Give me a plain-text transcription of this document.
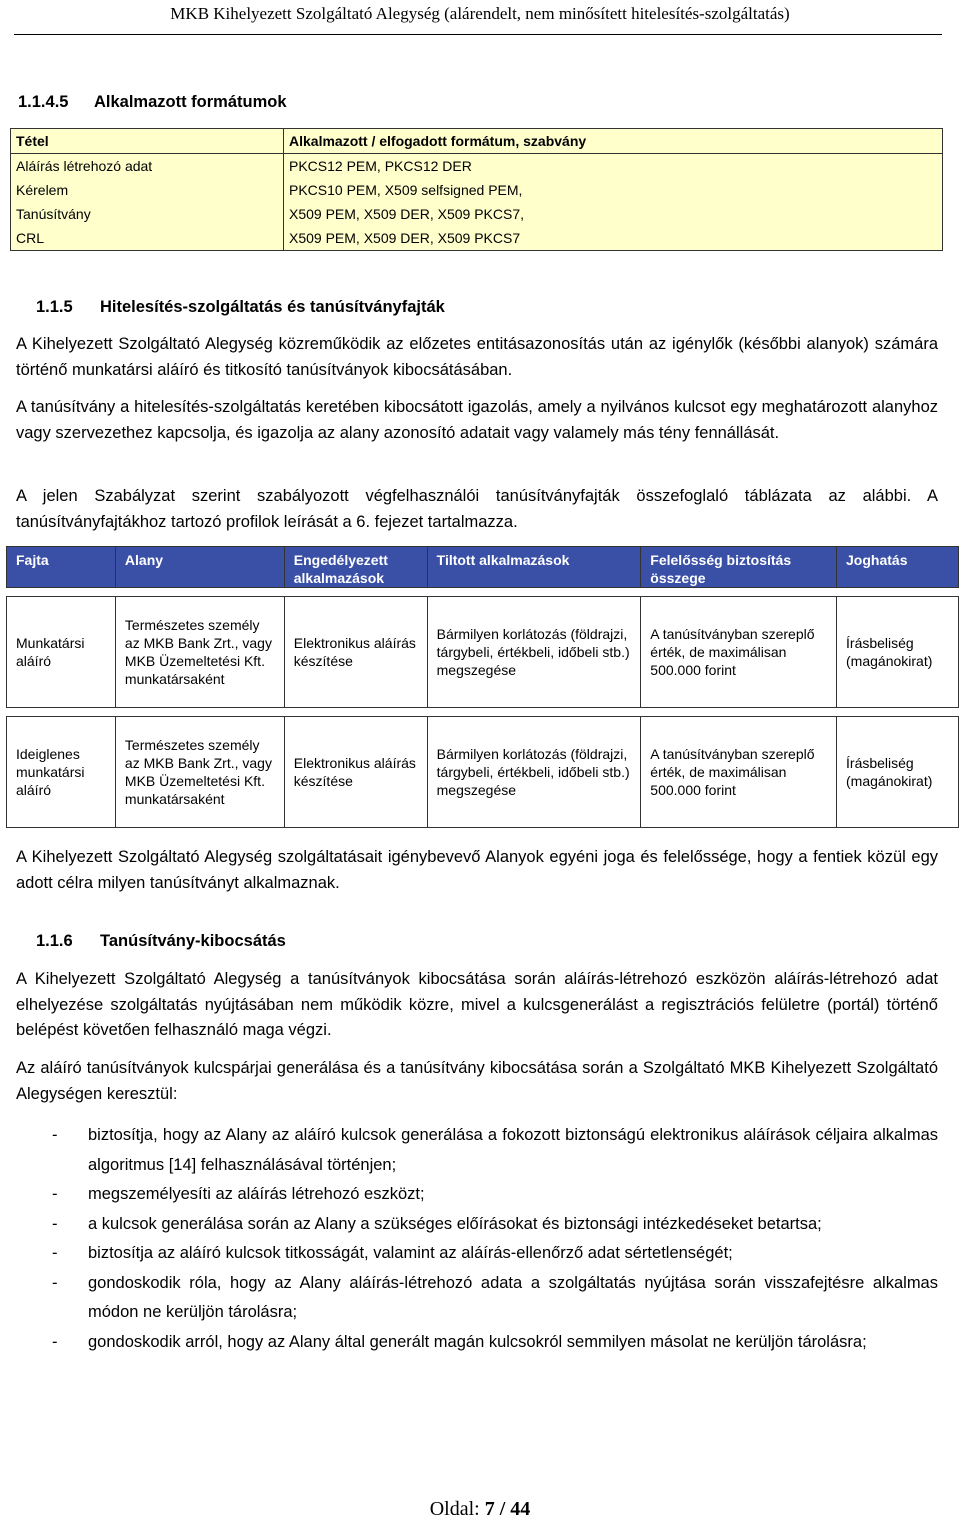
MKB Kihelyezett Szolgáltató Alegység (alárendelt, nem minősített hitelesítés-szolgáltatás)
1.1.4.5 Alkalmazott formátumok
Tétel	Alkalmazott / elfogadott formátum, szabvány
Aláírás létrehozó adat	PKCS12 PEM, PKCS12 DER
Kérelem	PKCS10 PEM, X509 selfsigned PEM,
Tanúsítvány	X509 PEM, X509 DER, X509 PKCS7,
CRL	X509 PEM, X509 DER, X509 PKCS7
1.1.5 Hitelesítés-szolgáltatás és tanúsítványfajták
A Kihelyezett Szolgáltató Alegység közreműködik az előzetes entitásazonosítás után az igénylők (későbbi alanyok) számára történő munkatársi aláíró és titkosító tanúsítványok kibocsátásában.
A tanúsítvány a hitelesítés-szolgáltatás keretében kibocsátott igazolás, amely a nyilvános kulcsot egy meghatározott alanyhoz vagy szervezethez kapcsolja, és igazolja az alany azonosító adatait vagy valamely más tény fennállását.
A jelen Szabályzat szerint szabályozott végfelhasználói tanúsítványfajták összefoglaló táblázata az alábbi. A tanúsítványfajtákhoz tartozó profilok leírását a 6. fejezet tartalmazza.
Fajta	Alany	Engedélyezett alkalmazások	Tiltott alkalmazások	Felelősség biztosítás összege	Joghatás

Munkatársi aláíró	Természetes személy az MKB Bank Zrt., vagy MKB Üzemeltetési Kft. munkatársaként	Elektronikus aláírás készítése	Bármilyen korlátozás (földrajzi, tárgybeli, értékbeli, időbeli stb.) megszegése	A tanúsítványban szereplő érték, de maximálisan 500.000 forint	Írásbeliség (magánokirat)

Ideiglenes munkatársi aláíró	Természetes személy az MKB Bank Zrt., vagy MKB Üzemeltetési Kft. munkatársaként	Elektronikus aláírás készítése	Bármilyen korlátozás (földrajzi, tárgybeli, értékbeli, időbeli stb.) megszegése	A tanúsítványban szereplő érték, de maximálisan 500.000 forint	Írásbeliség (magánokirat)
A Kihelyezett Szolgáltató Alegység szolgáltatásait igénybevevő Alanyok egyéni joga és felelőssége, hogy a fentiek közül egy adott célra milyen tanúsítványt alkalmaznak.
1.1.6 Tanúsítvány-kibocsátás
A Kihelyezett Szolgáltató Alegység a tanúsítványok kibocsátása során aláírás-létrehozó eszközön aláírás-létrehozó adat elhelyezése szolgáltatás nyújtásában nem működik közre, mivel a kulcsgenerálást a regisztrációs felületre (portál) történő belépést követően felhasználó maga végzi.
Az aláíró tanúsítványok kulcspárjai generálása és a tanúsítvány kibocsátása során a Szolgáltató MKB Kihelyezett Szolgáltató Alegységen keresztül:
- biztosítja, hogy az Alany az aláíró kulcsok generálása a fokozott biztonságú elektronikus aláírások céljaira alkalmas algoritmus [14] felhasználásával történjen;
- megszemélyesíti az aláírás létrehozó eszközt;
- a kulcsok generálása során az Alany a szükséges előírásokat és biztonsági intézkedéseket betartsa;
- biztosítja az aláíró kulcsok titkosságát, valamint az aláírás-ellenőrző adat sértetlenségét;
- gondoskodik róla, hogy az Alany aláírás-létrehozó adata a szolgáltatás nyújtása során visszafejtésre alkalmas módon ne kerüljön tárolásra;
- gondoskodik arról, hogy az Alany által generált magán kulcsokról semmilyen másolat ne kerüljön tárolásra;
Oldal: 7 / 44
